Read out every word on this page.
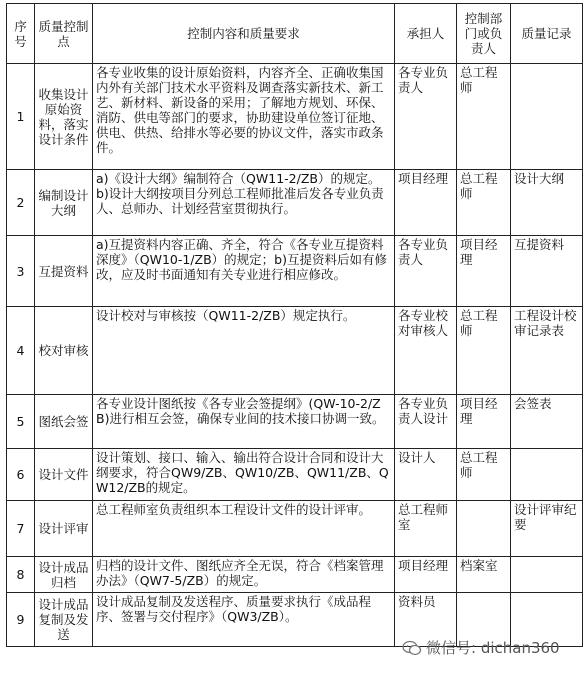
序号	质量控制点	控制内容和质量要求	承担人	控制部门或负责人	质量记录
1	收集设计原始资料，落实设计条件	各专业收集的设计原始资料，内容齐全、正确收集国内外有关部门技术水平资料及调查落实新技术、新工艺、新材料、新设备的采用；了解地方规划、环保、消防、供电等部门的要求，协助建设单位签订征地、供电、供热、给排水等必要的协议文件，落实市政条件。	各专业负责人	总工程师	
2	编制设计大纲	a)《设计大纲》编制符合（QW11-2/ZB）的规定。b)设计大纲按项目分列总工程师批准后发各专业负责人、总师办、计划经营室贯彻执行。	项目经理	总工程师	设计大纲
3	互提资料	a)互提资料内容正确、齐全，符合《各专业互提资料深度》（QW10-1/ZB）的规定；b)互提资料后如有修改，应及时书面通知有关专业进行相应修改。	各专业负责人	项目经理	互提资料
4	校对审核	设计校对与审核按（QW11-2/ZB）规定执行。	各专业校对审核人	总工程师	工程设计校审记录表
5	图纸会签	各专业设计图纸按《各专业会签提纲》(QW-10-2/ZB)进行相互会签，确保专业间的技术接口协调一致。	各专业负责人设计	项目经理	会签表
6	设计文件	设计策划、接口、输入、输出符合设计合同和设计大纲要求，符合QW9/ZB、QW10/ZB、QW11/ZB、QW12/ZB的规定。	设计人	总工程师	
7	设计评审	总工程师室负责组织本工程设计文件的设计评审。	总工程师室		设计评审纪要
8	设计成品归档	归档的设计文件、图纸应齐全无误，符合《档案管理办法》（QW7-5/ZB）的规定。	项目经理	档案室	
9	设计成品复制及发送	设计成品复制及发送程序、质量要求执行《成品程序、签署与交付程序》（QW3/ZB）。	资料员		
微信号: dichan360
